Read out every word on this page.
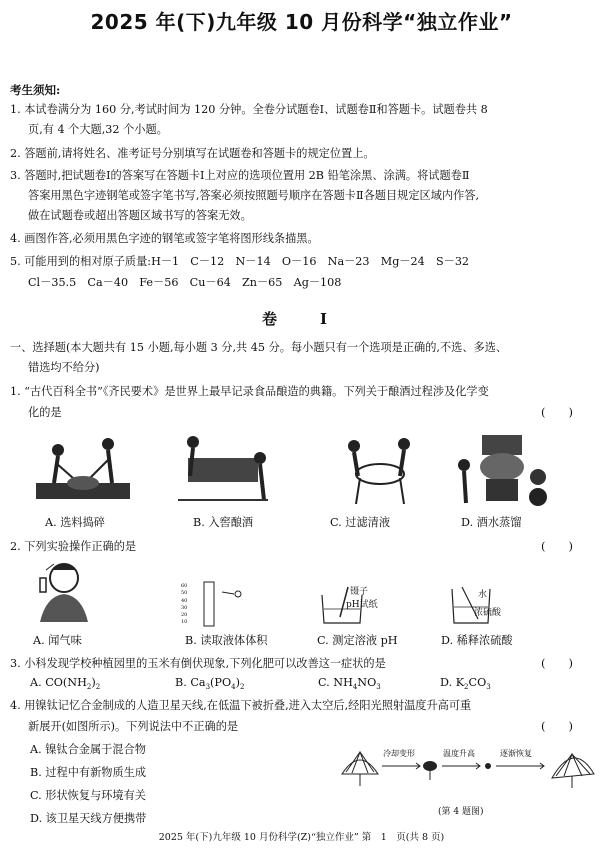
2025 年(下)九年级 10 月份科学“独立作业”
考生须知:
1. 本试卷满分为 160 分,考试时间为 120 分钟。全卷分试题卷Ⅰ、试题卷Ⅱ和答题卡。试题卷共 8
页,有 4 个大题,32 个小题。
2. 答题前,请将姓名、准考证号分别填写在试题卷和答题卡的规定位置上。
3. 答题时,把试题卷Ⅰ的答案写在答题卡Ⅰ上对应的选项位置用 2B 铅笔涂黑、涂满。将试题卷Ⅱ
答案用黑色字迹钢笔或签字笔书写,答案必须按照题号顺序在答题卡Ⅱ各题目规定区域内作答,
做在试题卷或超出答题区域书写的答案无效。
4. 画图作答,必须用黑色字迹的钢笔或签字笔将图形线条描黑。
5. 可能用到的相对原子质量:H－1　C－12　N－14　O－16　Na－23　Mg－24　S－32
Cl－35.5　Ca－40　Fe－56　Cu－64　Zn－65　Ag－108
卷　Ⅰ
一、选择题(本大题共有 15 小题,每小题 3 分,共 45 分。每小题只有一个选项是正确的,不选、多选、
错选均不给分)
1. “古代百科全书”《齐民要术》是世界上最早记录食品酿造的典籍。下列关于酿酒过程涉及化学变
化的是	(　　)
A. 选料捣碎	B. 入窖酿酒	C. 过滤清液	D. 酒水蒸馏
2. 下列实验操作正确的是	(　　)
60
50
40
30
20
10
镊子
pH试纸
水
浓硫酸
A. 闻气味	B. 读取液体体积	C. 测定溶液 pH	D. 稀释浓硫酸
3. 小科发现学校种植园里的玉米有倒伏现象,下列化肥可以改善这一症状的是	(　　)
A. $CO(NH_2)_2$	B. $Ca_3(PO_4)_2$	C. $NH_4NO_3$	D. $K_2CO_3$
4. 用镍钛记忆合金制成的人造卫星天线,在低温下被折叠,进入太空后,经阳光照射温度升高可重
新展开(如图所示)。下列说法中不正确的是	(　　)
A. 镍钛合金属于混合物
B. 过程中有新物质生成
C. 形状恢复与环境有关
D. 该卫星天线方便携带
冷却变形	温度升高	逐渐恢复
(第 4 题图)
2025 年(下)九年级 10 月份科学(Z)“独立作业” 第　1　页(共 8 页)
